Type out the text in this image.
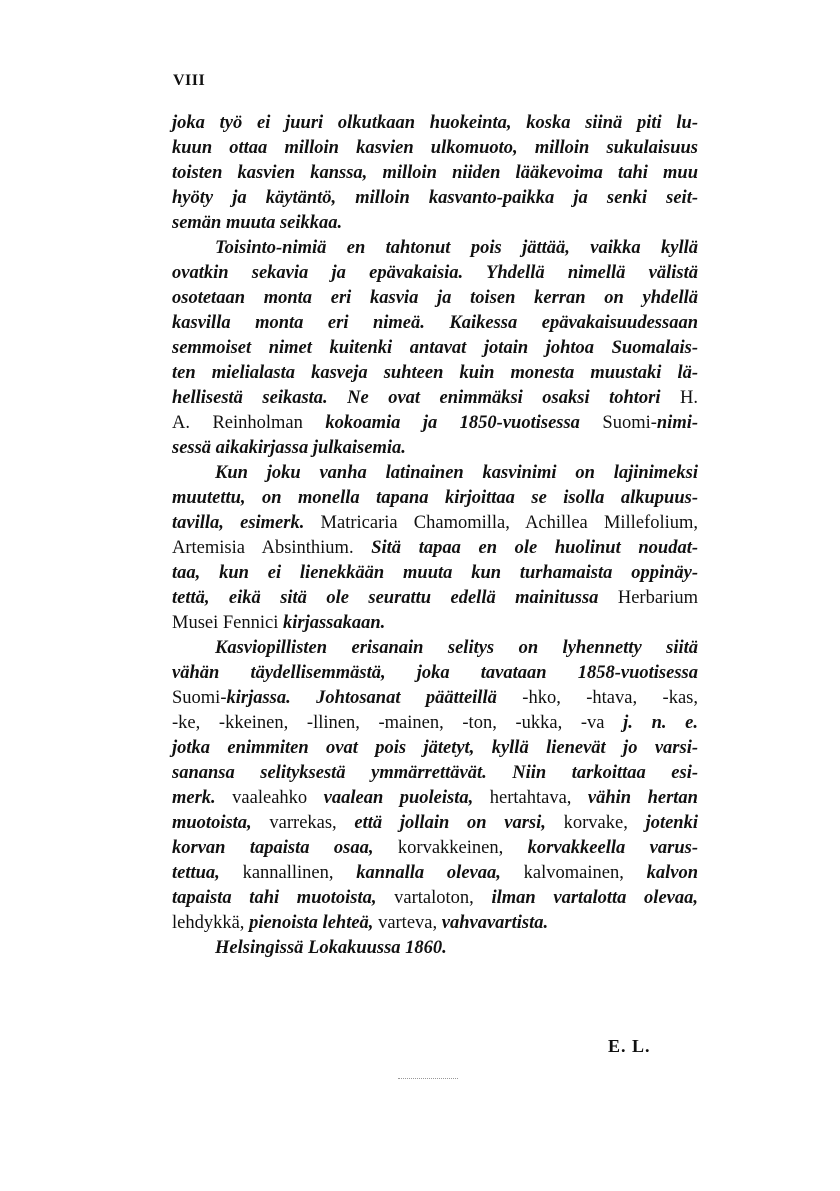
VIII
joka työ ei juuri olkutkaan huokeinta, koska siinä piti lu-
kuun ottaa milloin kasvien ulkomuoto, milloin sukulaisuus
toisten kasvien kanssa, milloin niiden lääkevoima tahi muu
hyöty ja käytäntö, milloin kasvanto-paikka ja senki seit-
semän muuta seikkaa.
Toisinto-nimiä en tahtonut pois jättää, vaikka kyllä
ovatkin sekavia ja epävakaisia. Yhdellä nimellä välistä
osotetaan monta eri kasvia ja toisen kerran on yhdellä
kasvilla monta eri nimeä. Kaikessa epävakaisuudessaan
semmoiset nimet kuitenki antavat jotain johtoa Suomalais-
ten mielialasta kasveja suhteen kuin monesta muustaki lä-
hellisestä seikasta. Ne ovat enimmäksi osaksi tohtori H.
A. Reinholman kokoamia ja 1850-vuotisessa Suomi-nimi-
sessä aikakirjassa julkaisemia.
Kun joku vanha latinainen kasvinimi on lajinimeksi
muutettu, on monella tapana kirjoittaa se isolla alkupuus-
tavilla, esimerk. Matricaria Chamomilla, Achillea Millefolium,
Artemisia Absinthium. Sitä tapaa en ole huolinut noudat-
taa, kun ei lienekkään muuta kun turhamaista oppinäy-
tettä, eikä sitä ole seurattu edellä mainitussa Herbarium
Musei Fennici kirjassakaan.
Kasviopillisten erisanain selitys on lyhennetty siitä
vähän täydellisemmästä, joka tavataan 1858-vuotisessa
Suomi-kirjassa. Johtosanat päätteillä -hko, -htava, -kas,
-ke, -kkeinen, -llinen, -mainen, -ton, -ukka, -va j. n. e.
jotka enimmiten ovat pois jätetyt, kyllä lienevät jo varsi-
sanansa selityksestä ymmärrettävät. Niin tarkoittaa esi-
merk. vaaleahko vaalean puoleista, hertahtava, vähin hertan
muotoista, varrekas, että jollain on varsi, korvake, jotenki
korvan tapaista osaa, korvakkeinen, korvakkeella varus-
tettua, kannallinen, kannalla olevaa, kalvomainen, kalvon
tapaista tahi muotoista, vartaloton, ilman vartalotta olevaa,
lehdykkä, pienoista lehteä, varteva, vahvavartista.
Helsingissä Lokakuussa 1860.
E. L.
